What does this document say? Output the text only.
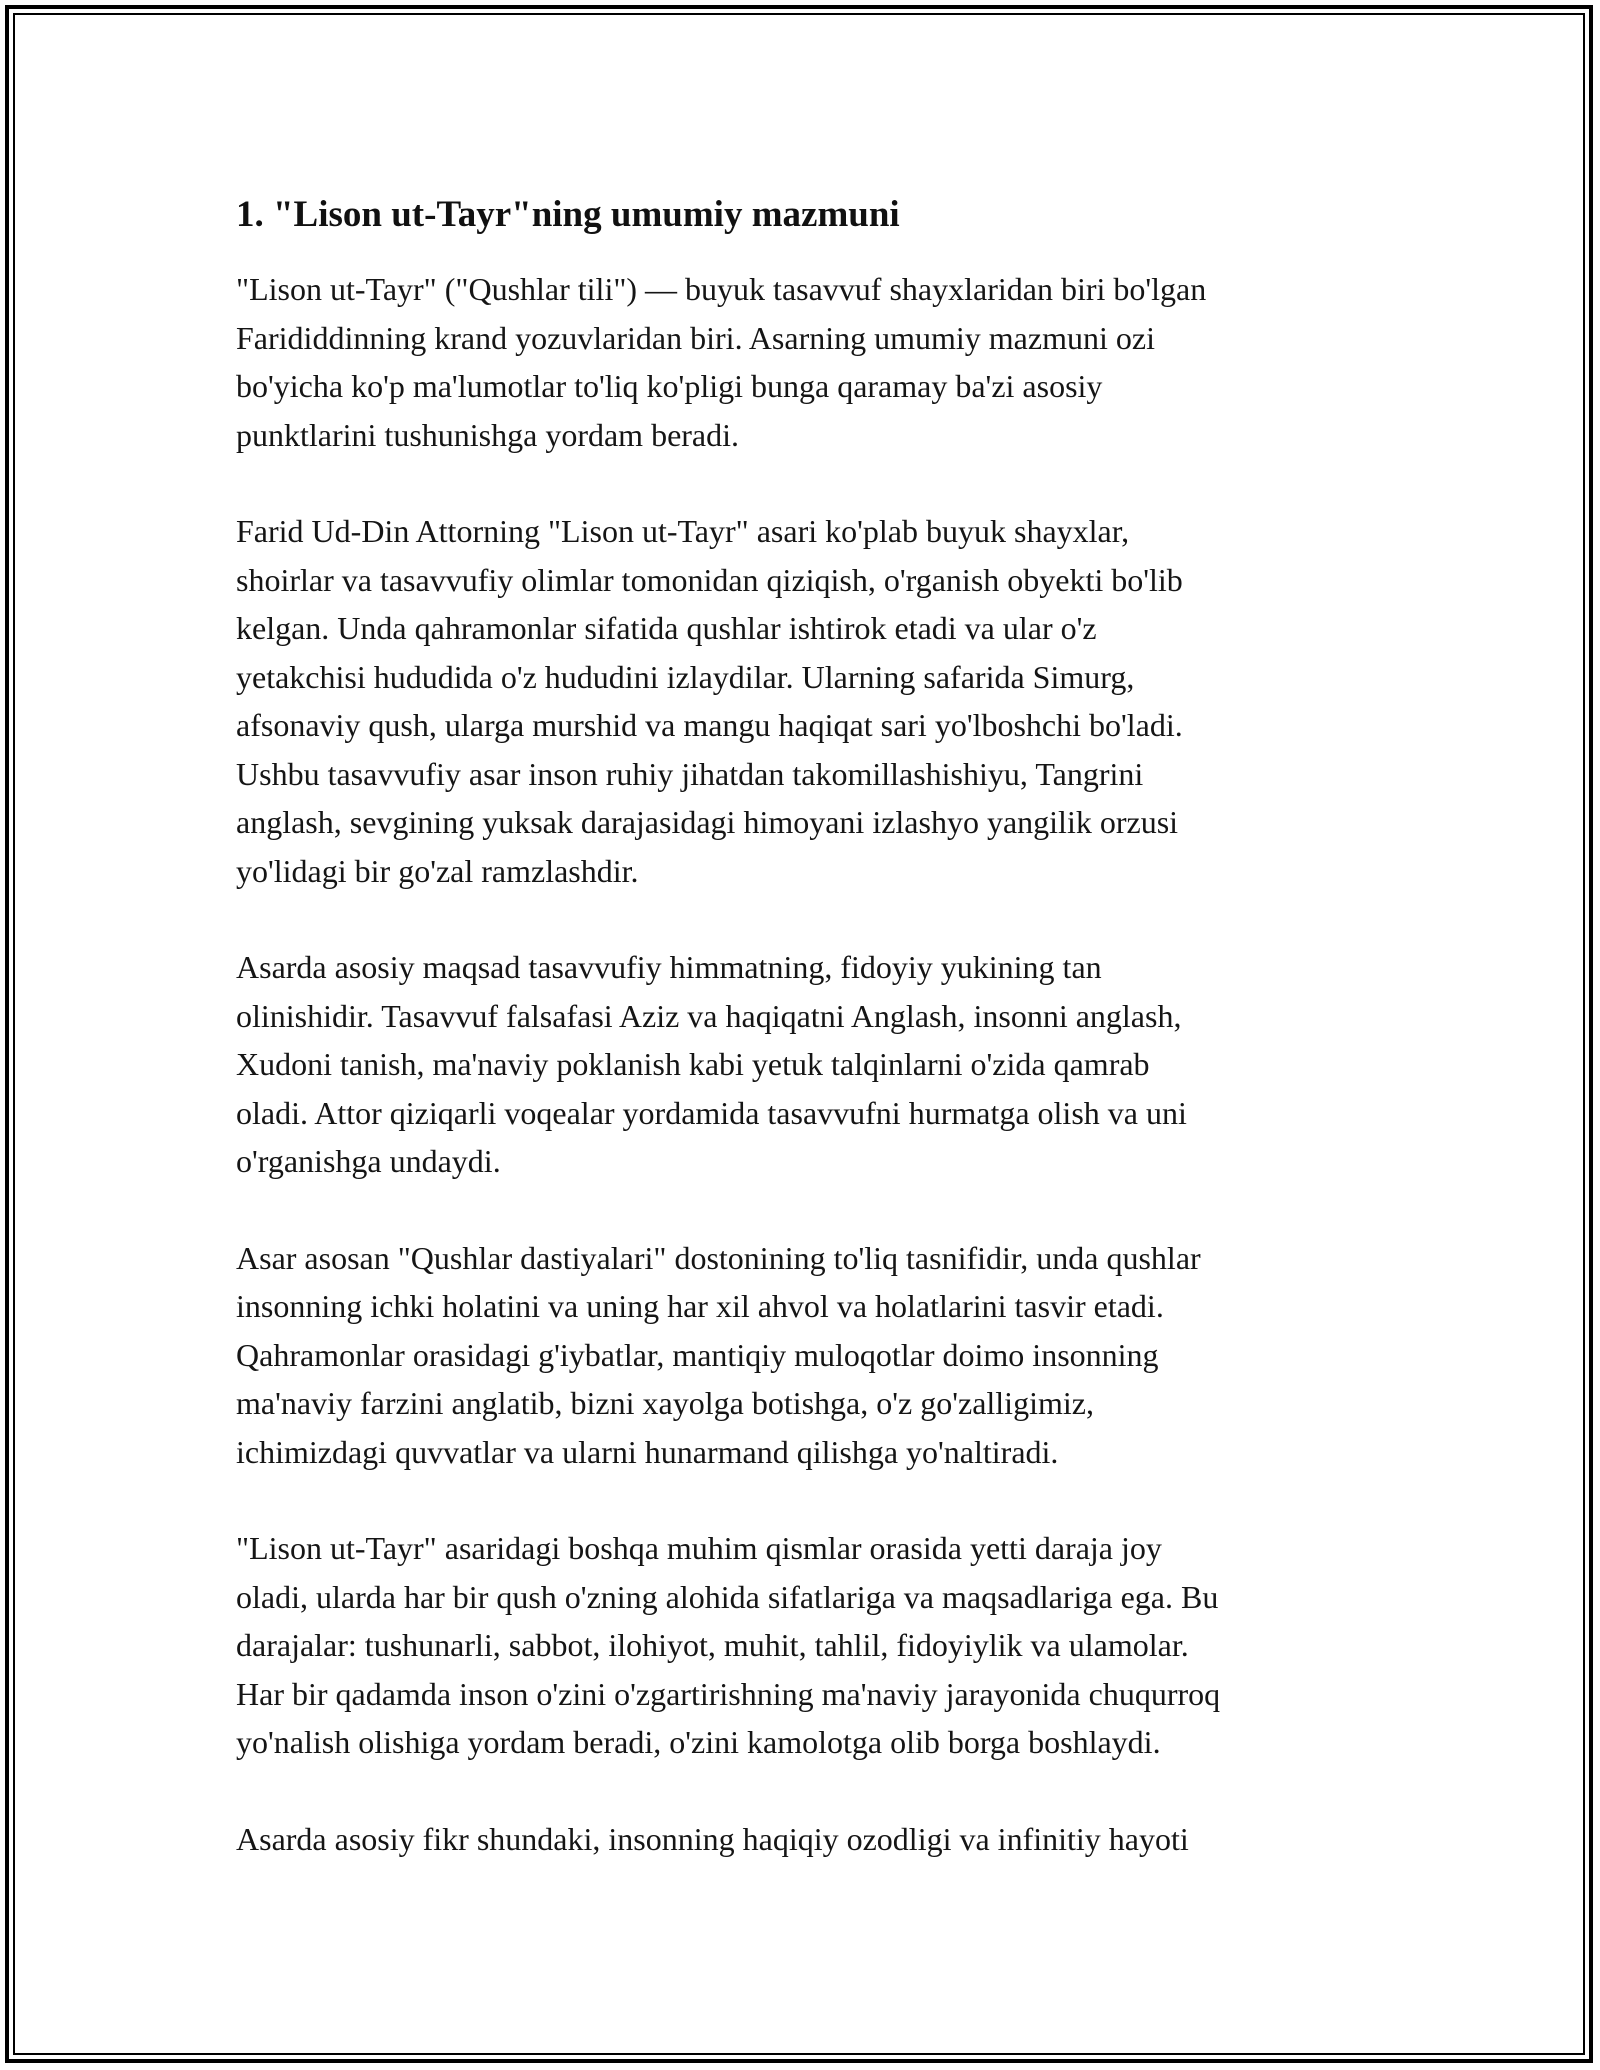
1. "Lison ut-Tayr"ning umumiy mazmuni

"Lison ut-Tayr" ("Qushlar tili") — buyuk tasavvuf shayxlaridan biri bo'lgan
Farididdinning krand yozuvlaridan biri. Asarning umumiy mazmuni ozi
bo'yicha ko'p ma'lumotlar to'liq ko'pligi bunga qaramay ba'zi asosiy
punktlarini tushunishga yordam beradi.

Farid Ud-Din Attorning "Lison ut-Tayr" asari ko'plab buyuk shayxlar,
shoirlar va tasavvufiy olimlar tomonidan qiziqish, o'rganish obyekti bo'lib
kelgan. Unda qahramonlar sifatida qushlar ishtirok etadi va ular o'z
yetakchisi hududida o'z hududini izlaydilar. Ularning safarida Simurg,
afsonaviy qush, ularga murshid va mangu haqiqat sari yo'lboshchi bo'ladi.
Ushbu tasavvufiy asar inson ruhiy jihatdan takomillashishiyu, Tangrini
anglash, sevgining yuksak darajasidagi himoyani izlashyo yangilik orzusi
yo'lidagi bir go'zal ramzlashdir.

Asarda asosiy maqsad tasavvufiy himmatning, fidoyiy yukining tan
olinishidir. Tasavvuf falsafasi Aziz va haqiqatni Anglash, insonni anglash,
Xudoni tanish, ma'naviy poklanish kabi yetuk talqinlarni o'zida qamrab
oladi. Attor qiziqarli voqealar yordamida tasavvufni hurmatga olish va uni
o'rganishga undaydi.

Asar asosan "Qushlar dastiyalari" dostonining to'liq tasnifidir, unda qushlar
insonning ichki holatini va uning har xil ahvol va holatlarini tasvir etadi.
Qahramonlar orasidagi g'iybatlar, mantiqiy muloqotlar doimo insonning
ma'naviy farzini anglatib, bizni xayolga botishga, o'z go'zalligimiz,
ichimizdagi quvvatlar va ularni hunarmand qilishga yo'naltiradi.

"Lison ut-Tayr" asaridagi boshqa muhim qismlar orasida yetti daraja joy
oladi, ularda har bir qush o'zning alohida sifatlariga va maqsadlariga ega. Bu
darajalar: tushunarli, sabbot, ilohiyot, muhit, tahlil, fidoyiylik va ulamolar.
Har bir qadamda inson o'zini o'zgartirishning ma'naviy jarayonida chuqurroq
yo'nalish olishiga yordam beradi, o'zini kamolotga olib borga boshlaydi.

Asarda asosiy fikr shundaki, insonning haqiqiy ozodligi va infinitiy hayoti
